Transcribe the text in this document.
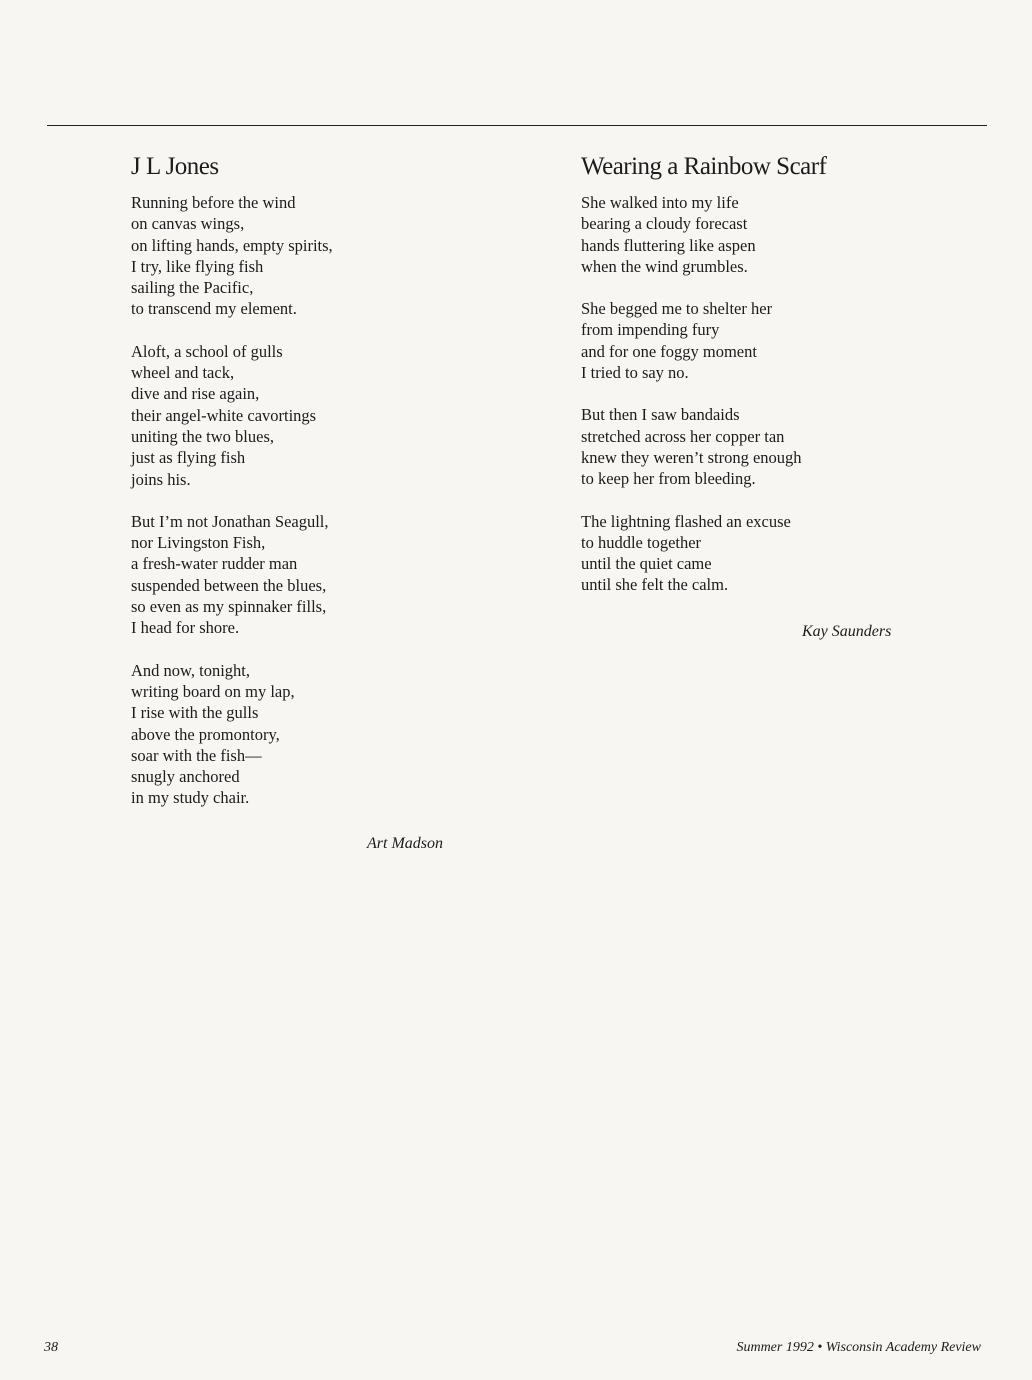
J L Jones
Running before the wind
on canvas wings,
on lifting hands, empty spirits,
I try, like flying fish
sailing the Pacific,
to transcend my element.
Aloft, a school of gulls
wheel and tack,
dive and rise again,
their angel-white cavortings
uniting the two blues,
just as flying fish
joins his.
But I’m not Jonathan Seagull,
nor Livingston Fish,
a fresh-water rudder man
suspended between the blues,
so even as my spinnaker fills,
I head for shore.
And now, tonight,
writing board on my lap,
I rise with the gulls
above the promontory,
soar with the fish—
snugly anchored
in my study chair.
Art Madson
Wearing a Rainbow Scarf
She walked into my life
bearing a cloudy forecast
hands fluttering like aspen
when the wind grumbles.
She begged me to shelter her
from impending fury
and for one foggy moment
I tried to say no.
But then I saw bandaids
stretched across her copper tan
knew they weren’t strong enough
to keep her from bleeding.
The lightning flashed an excuse
to huddle together
until the quiet came
until she felt the calm.
Kay Saunders
38	Summer 1992 • Wisconsin Academy Review
